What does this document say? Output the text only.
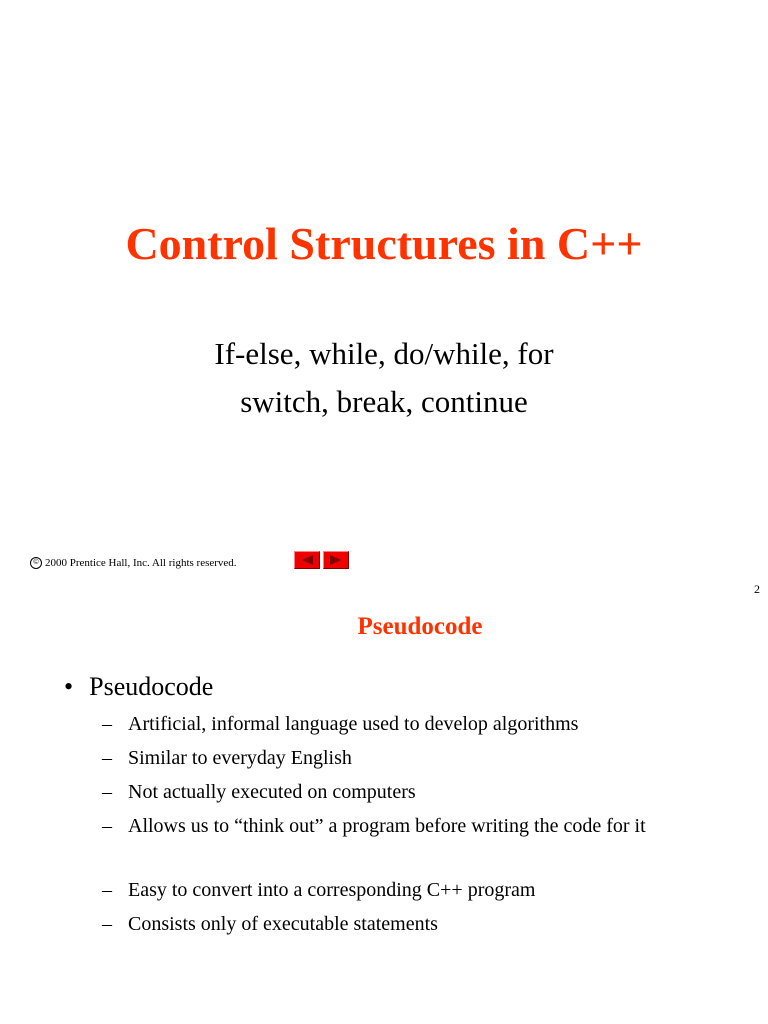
Control Structures in C++

If-else, while, do/while, for

switch, break, continue

© 2000 Prentice Hall, Inc. All rights reserved.
2
Pseudocode
• Pseudocode
– Artificial, informal language used to develop algorithms
– Similar to everyday English
– Not actually executed on computers
– Allows us to “think out” a program before writing the code for it
– Easy to convert into a corresponding C++ program
– Consists only of executable statements
